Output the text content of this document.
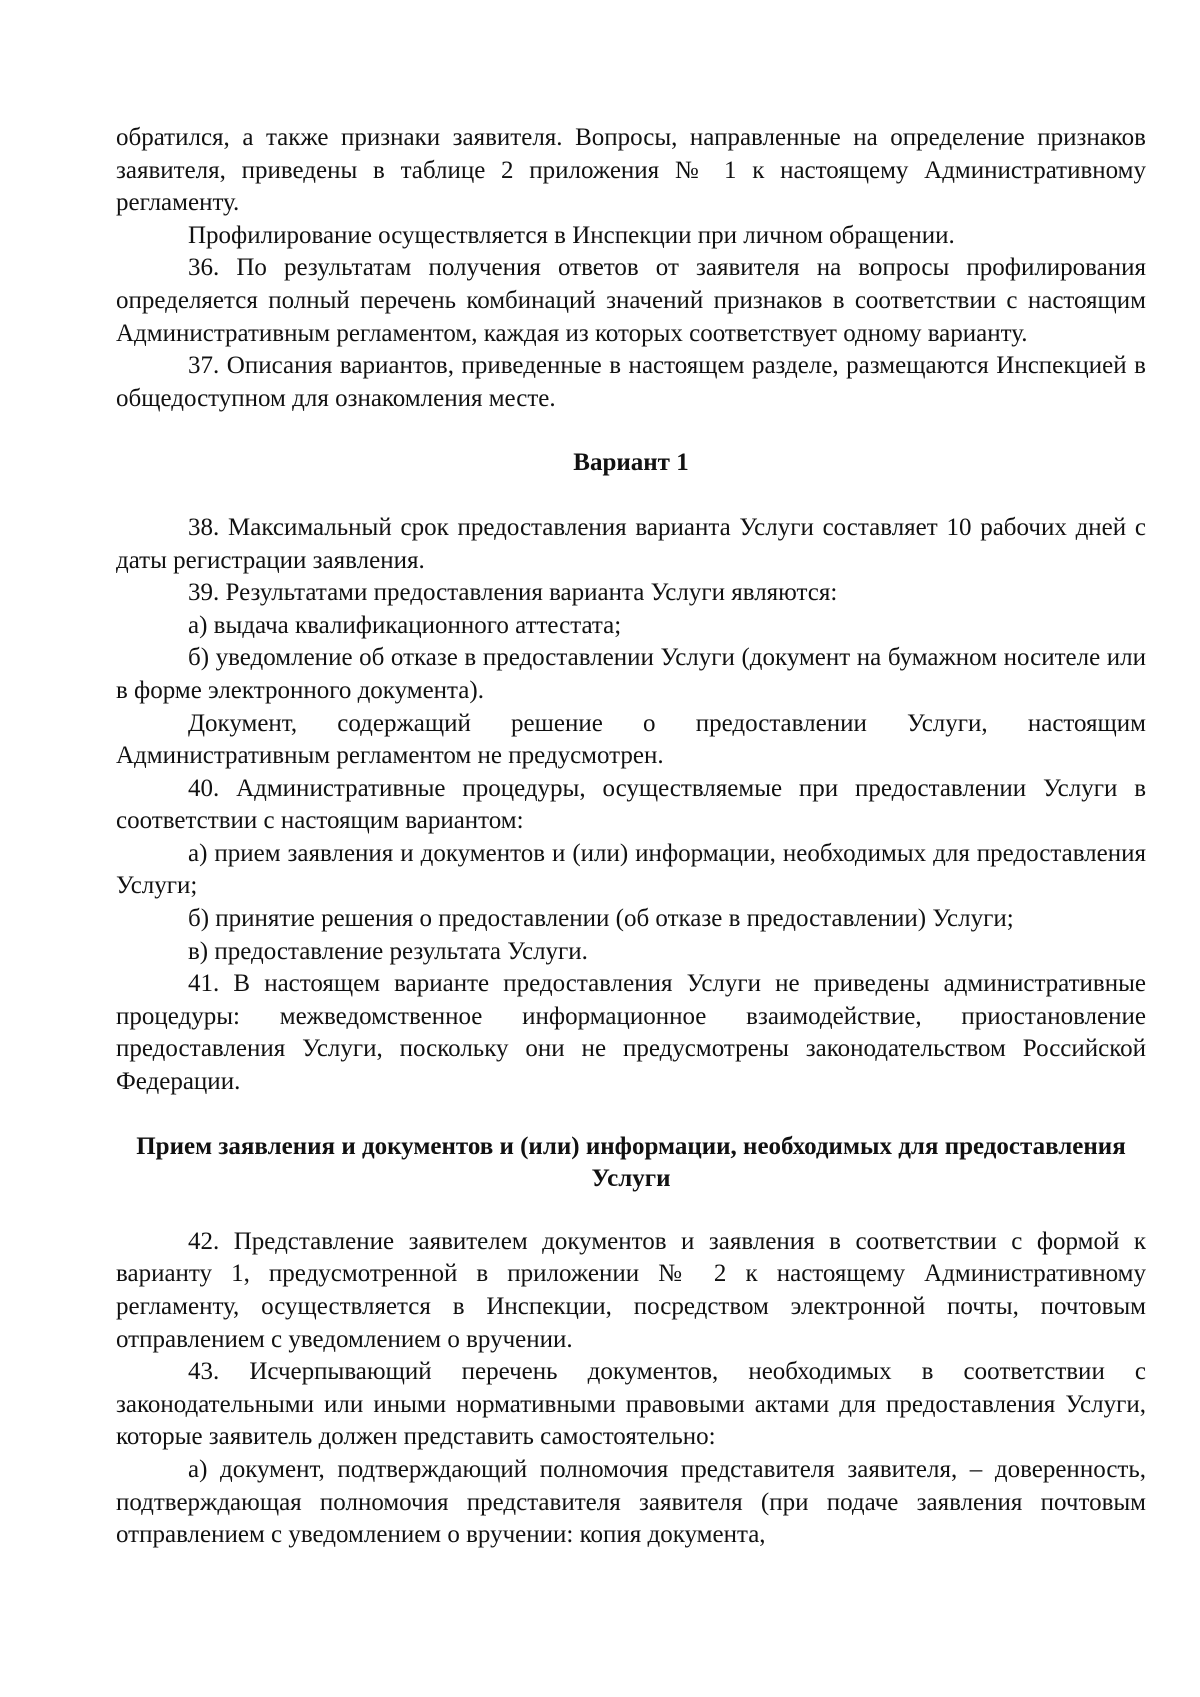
обратился, а также признаки заявителя. Вопросы, направленные на определение признаков заявителя, приведены в таблице 2 приложения № 1 к настоящему Административному регламенту.

Профилирование осуществляется в Инспекции при личном обращении.

36. По результатам получения ответов от заявителя на вопросы профилирования определяется полный перечень комбинаций значений признаков в соответствии с настоящим Административным регламентом, каждая из которых соответствует одному варианту.

37. Описания вариантов, приведенные в настоящем разделе, размещаются Инспекцией в общедоступном для ознакомления месте.

Вариант 1

38. Максимальный срок предоставления варианта Услуги составляет 10 рабочих дней с даты регистрации заявления.

39. Результатами предоставления варианта Услуги являются:

а) выдача квалификационного аттестата;

б) уведомление об отказе в предоставлении Услуги (документ на бумажном носителе или в форме электронного документа).

Документ, содержащий решение о предоставлении Услуги, настоящим Административным регламентом не предусмотрен.

40. Административные процедуры, осуществляемые при предоставлении Услуги в соответствии с настоящим вариантом:

а) прием заявления и документов и (или) информации, необходимых для предоставления Услуги;

б) принятие решения о предоставлении (об отказе в предоставлении) Услуги;

в) предоставление результата Услуги.

41. В настоящем варианте предоставления Услуги не приведены административные процедуры: межведомственное информационное взаимодействие, приостановление предоставления Услуги, поскольку они не предусмотрены законодательством Российской Федерации.

Прием заявления и документов и (или) информации, необходимых для предоставления Услуги

42. Представление заявителем документов и заявления в соответствии с формой к варианту 1, предусмотренной в приложении № 2 к настоящему Административному регламенту, осуществляется в Инспекции, посредством электронной почты, почтовым отправлением с уведомлением о вручении.

43. Исчерпывающий перечень документов, необходимых в соответствии с законодательными или иными нормативными правовыми актами для предоставления Услуги, которые заявитель должен представить самостоятельно:

а) документ, подтверждающий полномочия представителя заявителя, – доверенность, подтверждающая полномочия представителя заявителя (при подаче заявления почтовым отправлением с уведомлением о вручении: копия документа,
